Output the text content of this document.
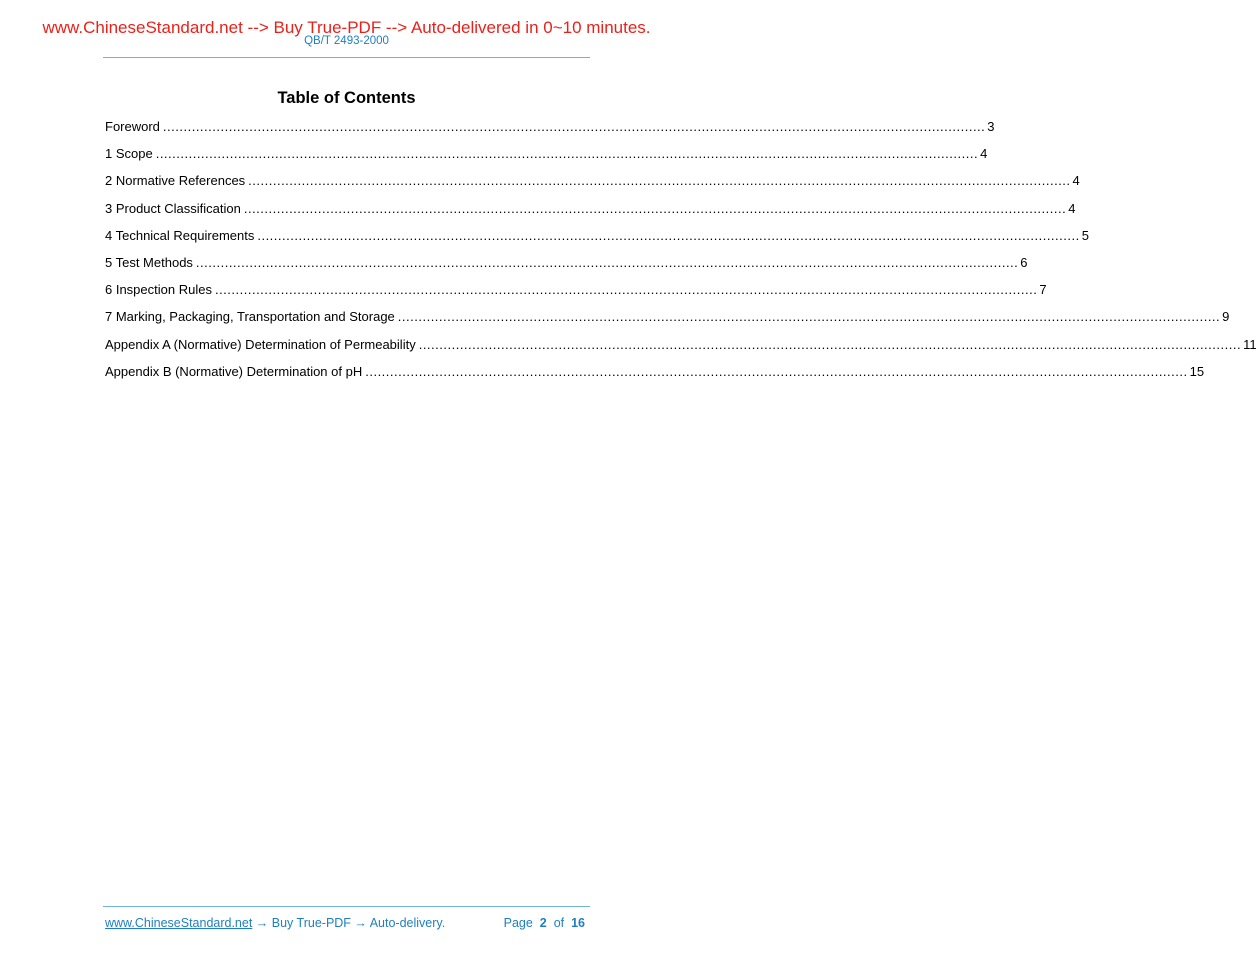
www.ChineseStandard.net --> Buy True-PDF --> Auto-delivered in 0~10 minutes.
QB/T 2493-2000
Table of Contents
Foreword ........................................................................................................................................................................................................ 3
1 Scope ........................................................................................................................................................................................................ 4
2 Normative References ........................................................................................................................................................................................................ 4
3 Product Classification ........................................................................................................................................................................................................ 4
4 Technical Requirements ........................................................................................................................................................................................................ 5
5 Test Methods ........................................................................................................................................................................................................ 6
6 Inspection Rules ........................................................................................................................................................................................................ 7
7 Marking, Packaging, Transportation and Storage ........................................................................................................................................................................................................ 9
Appendix A (Normative) Determination of Permeability ........................................................................................................................................................................................................ 11
Appendix B (Normative) Determination of pH ........................................................................................................................................................................................................ 15
www.ChineseStandard.net → Buy True-PDF → Auto-delivery.	Page 2 of 16
